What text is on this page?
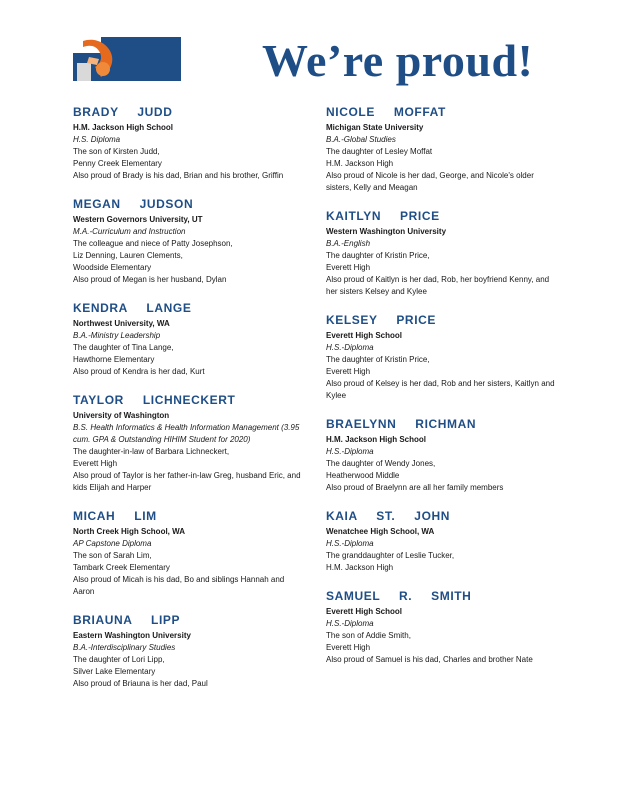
We’re proud!
BRADY JUDD
H.M. Jackson High School
H.S. Diploma
The son of Kirsten Judd,
Penny Creek Elementary
Also proud of Brady is his dad, Brian and his brother, Griffin
MEGAN JUDSON
Western Governors University, UT
M.A.-Curriculum and Instruction
The colleague and niece of Patty Josephson,
Liz Denning, Lauren Clements,
Woodside Elementary
Also proud of Megan is her husband, Dylan
KENDRA LANGE
Northwest University, WA
B.A.-Ministry Leadership
The daughter of Tina Lange,
Hawthorne Elementary
Also proud of Kendra is her dad, Kurt
TAYLOR LICHNECKERT
University of Washington
B.S. Health Informatics & Health Information Management (3.95 cum. GPA & Outstanding HIHIM Student for 2020)
The daughter-in-law of Barbara Lichneckert,
Everett High
Also proud of Taylor is her father-in-law Greg, husband Eric, and kids Elijah and Harper
MICAH LIM
North Creek High School, WA
AP Capstone Diploma
The son of Sarah Lim,
Tambark Creek Elementary
Also proud of Micah is his dad, Bo and siblings Hannah and Aaron
BRIAUNA LIPP
Eastern Washington University
B.A.-Interdisciplinary Studies
The daughter of Lori Lipp,
Silver Lake Elementary
Also proud of Briauna is her dad, Paul
NICOLE MOFFAT
Michigan State University
B.A.-Global Studies
The daughter of Lesley Moffat
H.M. Jackson High
Also proud of Nicole is her dad, George, and Nicole's older sisters, Kelly and Meagan
KAITLYN PRICE
Western Washington University
B.A.-English
The daughter of Kristin Price,
Everett High
Also proud of Kaitlyn is her dad, Rob, her boyfriend Kenny, and her sisters Kelsey and Kylee
KELSEY PRICE
Everett High School
H.S.-Diploma
The daughter of Kristin Price,
Everett High
Also proud of Kelsey is her dad, Rob and her sisters, Kaitlyn and Kylee
BRAELYNN RICHMAN
H.M. Jackson High School
H.S.-Diploma
The daughter of Wendy Jones,
Heatherwood Middle
Also proud of Braelynn are all her family members
KAIA ST. JOHN
Wenatchee High School, WA
H.S.-Diploma
The granddaughter of Leslie Tucker,
H.M. Jackson High
SAMUEL R. SMITH
Everett High School
H.S.-Diploma
The son of Addie Smith,
Everett High
Also proud of Samuel is his dad, Charles and brother Nate
